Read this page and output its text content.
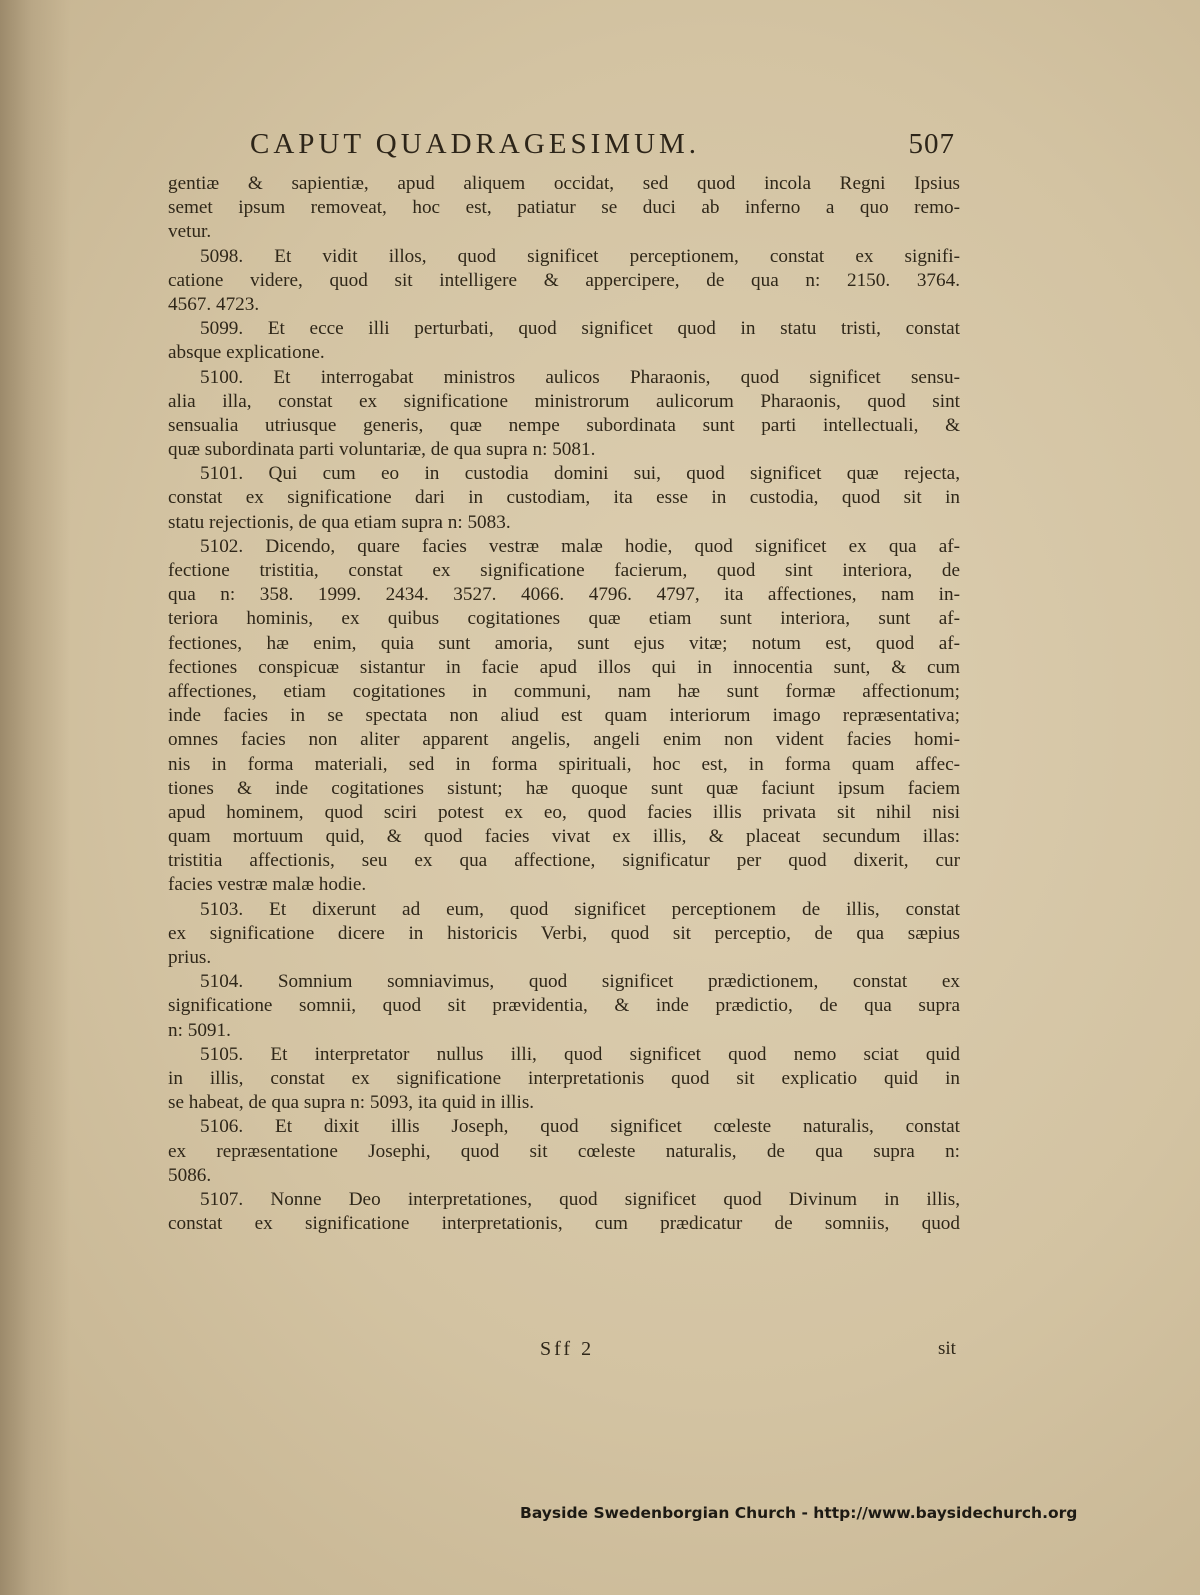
CAPUT QUADRAGESIMUM.	507
gentiæ & sapientiæ, apud aliquem occidat, sed quod incola Regni Ipsius
semet ipsum removeat, hoc est, patiatur se duci ab inferno a quo remo-
vetur.
5098. Et vidit illos, quod significet perceptionem, constat ex signifi-
catione videre, quod sit intelligere & appercipere, de qua n: 2150. 3764.
4567. 4723.
5099. Et ecce illi perturbati, quod significet quod in statu tristi, constat
absque explicatione.
5100. Et interrogabat ministros aulicos Pharaonis, quod significet sensu-
alia illa, constat ex significatione ministrorum aulicorum Pharaonis, quod sint
sensualia utriusque generis, quæ nempe subordinata sunt parti intellectuali, &
quæ subordinata parti voluntariæ, de qua supra n: 5081.
5101. Qui cum eo in custodia domini sui, quod significet quæ rejecta,
constat ex significatione dari in custodiam, ita esse in custodia, quod sit in
statu rejectionis, de qua etiam supra n: 5083.
5102. Dicendo, quare facies vestræ malæ hodie, quod significet ex qua af-
fectione tristitia, constat ex significatione facierum, quod sint interiora, de
qua n: 358. 1999. 2434. 3527. 4066. 4796. 4797, ita affectiones, nam in-
teriora hominis, ex quibus cogitationes quæ etiam sunt interiora, sunt af-
fectiones, hæ enim, quia sunt amoria, sunt ejus vitæ; notum est, quod af-
fectiones conspicuæ sistantur in facie apud illos qui in innocentia sunt, & cum
affectiones, etiam cogitationes in communi, nam hæ sunt formæ affectionum;
inde facies in se spectata non aliud est quam interiorum imago repræsentativa;
omnes facies non aliter apparent angelis, angeli enim non vident facies homi-
nis in forma materiali, sed in forma spirituali, hoc est, in forma quam affec-
tiones & inde cogitationes sistunt; hæ quoque sunt quæ faciunt ipsum faciem
apud hominem, quod sciri potest ex eo, quod facies illis privata sit nihil nisi
quam mortuum quid, & quod facies vivat ex illis, & placeat secundum illas:
tristitia affectionis, seu ex qua affectione, significatur per quod dixerit, cur
facies vestræ malæ hodie.
5103. Et dixerunt ad eum, quod significet perceptionem de illis, constat
ex significatione dicere in historicis Verbi, quod sit perceptio, de qua sæpius
prius.
5104. Somnium somniavimus, quod significet prædictionem, constat ex
significatione somnii, quod sit prævidentia, & inde prædictio, de qua supra
n: 5091.
5105. Et interpretator nullus illi, quod significet quod nemo sciat quid
in illis, constat ex significatione interpretationis quod sit explicatio quid in
se habeat, de qua supra n: 5093, ita quid in illis.
5106. Et dixit illis Joseph, quod significet cœleste naturalis, constat
ex repræsentatione Josephi, quod sit cœleste naturalis, de qua supra n:
5086.
5107. Nonne Deo interpretationes, quod significet quod Divinum in illis,
constat ex significatione interpretationis, cum prædicatur de somniis, quod
Sff 2	sit
Bayside Swedenborgian Church - http://www.baysidechurch.org
